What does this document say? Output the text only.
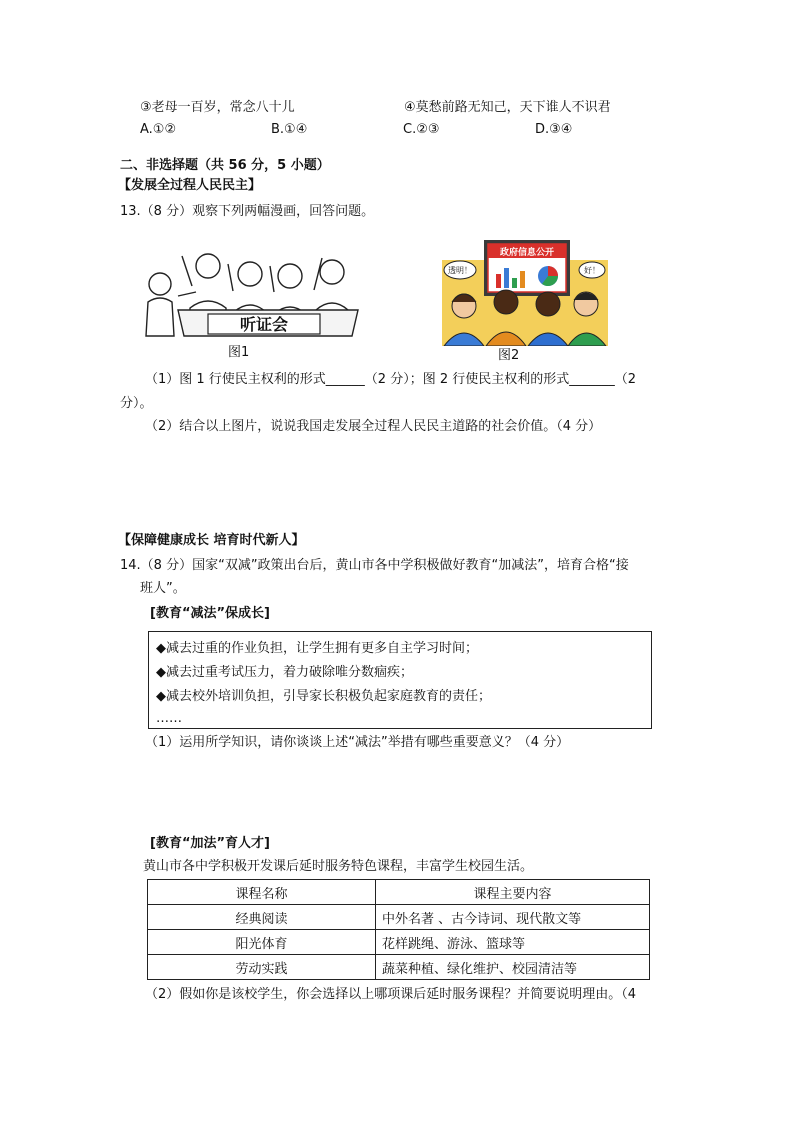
③老母一百岁，常念八十儿	④莫愁前路无知己，天下谁人不识君
A.①②	B.①④	C.②③	D.③④
二、非选择题（共 56 分，5 小题）
【发展全过程人民民主】
13.（8 分）观察下列两幅漫画，回答问题。
听证会
图1
政府信息公开
透明！	好！
图2
（1）图 1 行使民主权利的形式______（2 分）；图 2 行使民主权利的形式_______（2
分）。
（2）结合以上图片，说说我国走发展全过程人民民主道路的社会价值。（4 分）
【保障健康成长 培育时代新人】
14.（8 分）国家“双减”政策出台后，黄山市各中学积极做好教育“加减法”，培育合格“接
班人”。
[教育“减法”保成长]
◆减去过重的作业负担，让学生拥有更多自主学习时间；
◆减去过重考试压力，着力破除唯分数痼疾；
◆减去校外培训负担，引导家长积极负起家庭教育的责任；
……
（1）运用所学知识，请你谈谈上述“减法”举措有哪些重要意义？（4 分）
[教育“加法”育人才]
黄山市各中学积极开发课后延时服务特色课程，丰富学生校园生活。
课程名称	课程主要内容
经典阅读	中外名著 、古今诗词、现代散文等
阳光体育	花样跳绳、游泳、篮球等
劳动实践	蔬菜种植、绿化维护、校园清洁等
（2）假如你是该校学生，你会选择以上哪项课后延时服务课程？并简要说明理由。（4
